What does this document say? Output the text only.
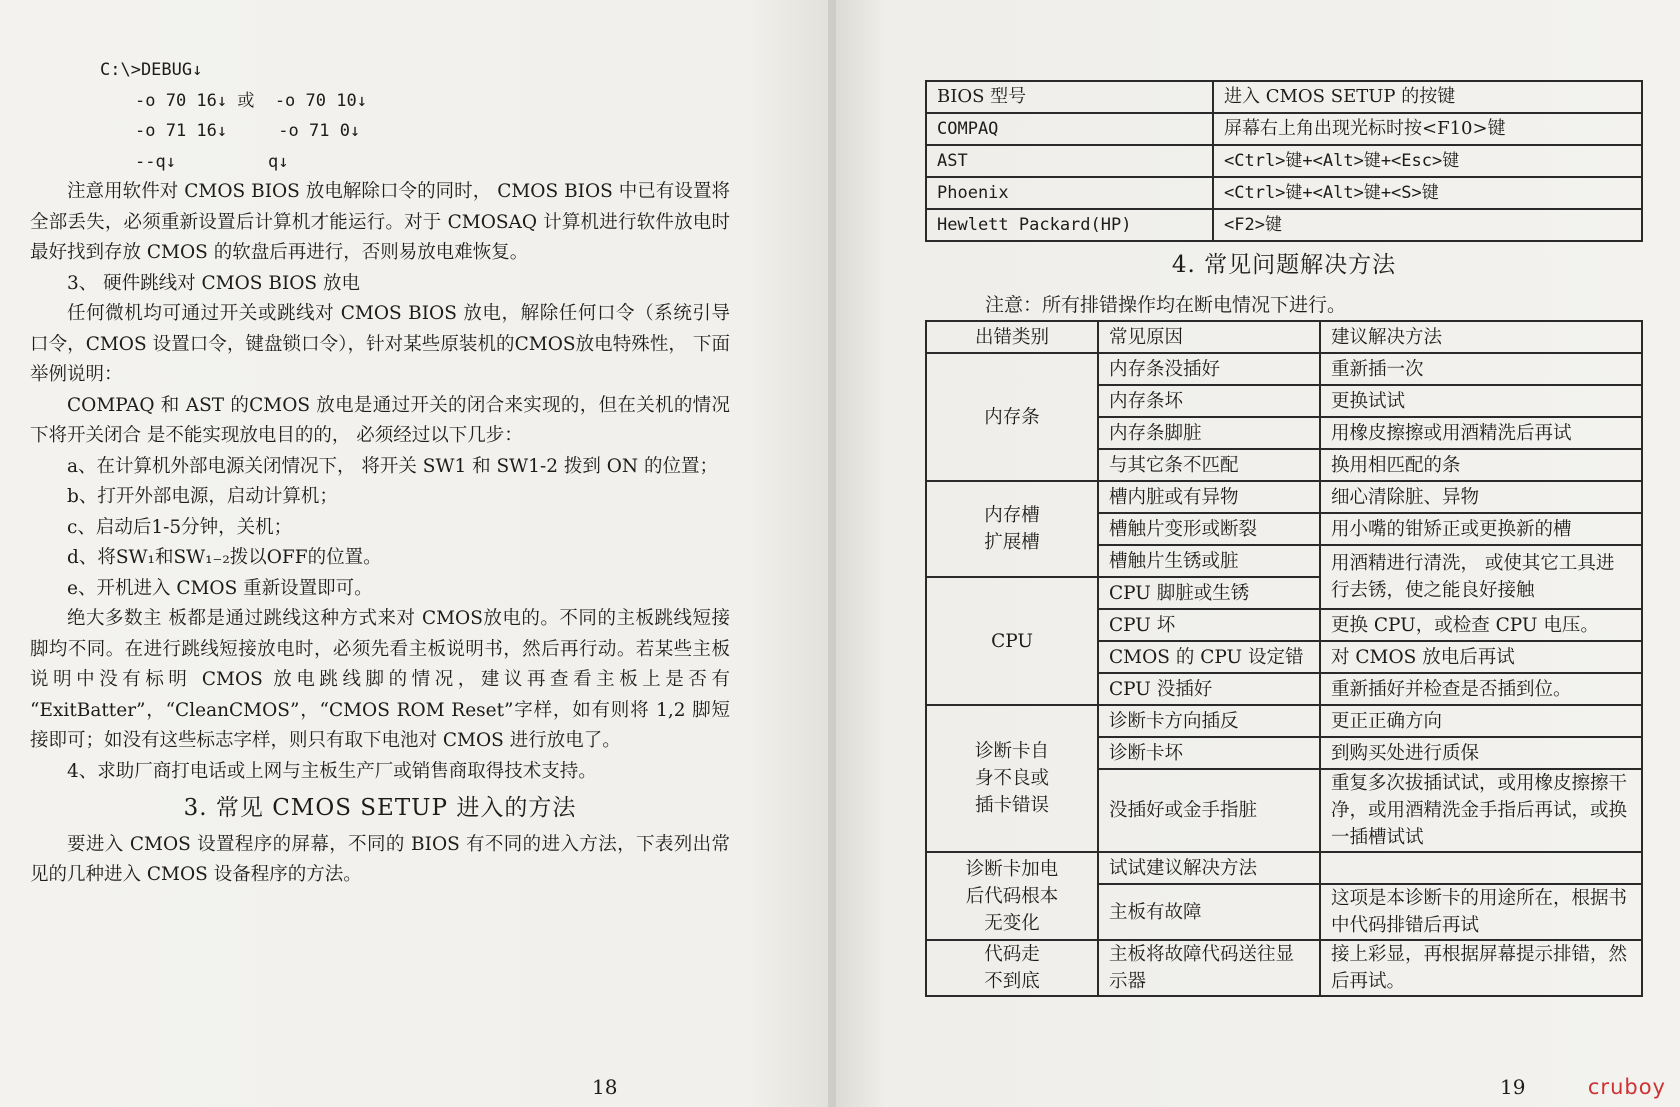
C:\>DEBUG↓

-o 70 16↓ 或  -o 70 10↓

-o 71 16↓     -o 71 0↓

--q↓         q↓

注意用软件对 CMOS BIOS 放电解除口令的同时， CMOS BIOS 中已有设置将全部丢失，必须重新设置后计算机才能运行。对于 CMOSAQ 计算机进行软件放电时最好找到存放 CMOS 的软盘后再进行，否则易放电难恢复。

3、 硬件跳线对 CMOS BIOS 放电

任何微机均可通过开关或跳线对 CMOS BIOS 放电，解除任何口令（系统引导口令，CMOS 设置口令，键盘锁口令），针对某些原装机的CMOS放电特殊性， 下面举例说明：

COMPAQ 和 AST 的CMOS 放电是通过开关的闭合来实现的，但在关机的情况下将开关闭合 是不能实现放电目的的， 必须经过以下几步：

a、在计算机外部电源关闭情况下， 将开关 SW1 和 SW1-2 拨到 ON 的位置；

b、打开外部电源，启动计算机；

c、启动后1-5分钟，关机；

d、将SW₁和SW₁₋₂拨以OFF的位置。

e、开机进入 CMOS 重新设置即可。

绝大多数主 板都是通过跳线这种方式来对 CMOS放电的。不同的主板跳线短接脚均不同。在进行跳线短接放电时，必须先看主板说明书，然后再行动。若某些主板说明中没有标明 CMOS 放电跳线脚的情况，建议再查看主板上是否有 “ExitBatter”，“CleanCMOS”，“CMOS ROM Reset”字样，如有则将 1,2 脚短接即可；如没有这些标志字样，则只有取下电池对 CMOS 进行放电了。

4、求助厂商打电话或上网与主板生产厂或销售商取得技术支持。

3. 常见 CMOS SETUP 进入的方法

要进入 CMOS 设置程序的屏幕，不同的 BIOS 有不同的进入方法，下表列出常见的几种进入 CMOS 设备程序的方法。

18
BIOS 型号	进入 CMOS SETUP 的按键
COMPAQ	屏幕右上角出现光标时按<F10>键
AST	<Ctrl>键+<Alt>键+<Esc>键
Phoenix	<Ctrl>键+<Alt>键+<S>键
Hewlett Packard(HP)	<F2>键
4. 常见问题解决方法
注意：所有排错操作均在断电情况下进行。
出错类别	常见原因	建议解决方法
内存条	内存条没插好	重新插一次
	内存条坏	更换试试
	内存条脚脏	用橡皮擦擦或用酒精洗后再试
	与其它条不匹配	换用相匹配的条

内存槽
扩展槽	槽内脏或有异物	细心清除脏、异物
	槽触片变形或断裂	用小嘴的钳矫正或更换新的槽
	槽触片生锈或脏	用酒精进行清洗， 或使其它工具进行去锈，使之能良好接触
CPU	CPU 脚脏或生锈	
	CPU 坏	更换 CPU，或检查 CPU 电压。
	CMOS 的 CPU 设定错	对 CMOS 放电后再试
	CPU 没插好	重新插好并检查是否插到位。

诊断卡自
身不良或
插卡错误	诊断卡方向插反	更正正确方向
	诊断卡坏	到购买处进行质保
	没插好或金手指脏	重复多次拔插试试，或用橡皮擦擦干净，或用酒精洗金手指后再试，或换一插槽试试

诊断卡加电
后代码根本
无变化	试试建议解决方法	
	主板有故障	这项是本诊断卡的用途所在，根据书中代码排错后再试

代码走
不到底	主板将故障代码送往显示器	接上彩显，再根据屏幕提示排错，然后再试。
19	cruboy
